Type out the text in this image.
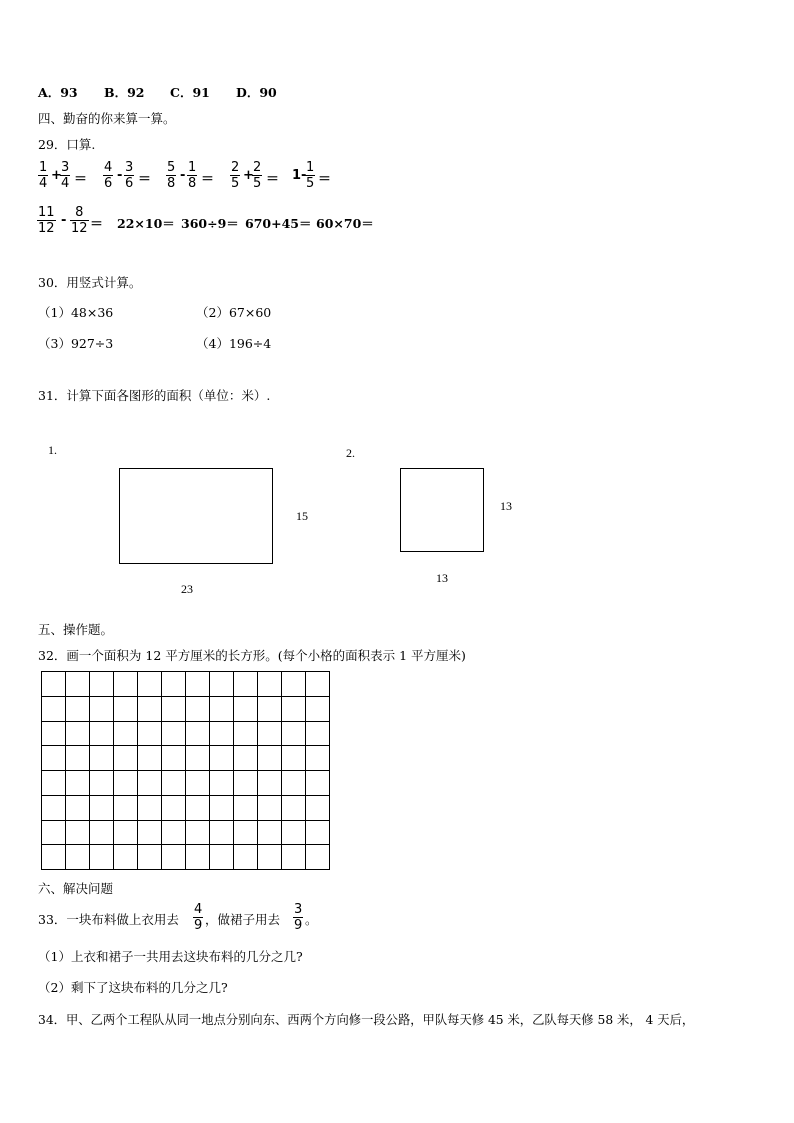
A．93 B．92 C．91 D．90
四、勤奋的你来算一算。
29．口算.
$\frac{1}{4}$ +
$\frac{3}{4} = \frac{4}{6} - \frac{3}{6} = \frac{5}{8} - \frac{1}{8} = \frac{2}{5}$ +
$\frac{2}{5} = 1-$
$\frac{1}{5}$ ＝
$\frac{11}{12} - \frac{8}{12} = 22\times 10= 360\div 9= 670+45= 60\times 70=$
30．用竖式计算。
（1）48×36	（2）67×60
（3）927÷3	（4）196÷4
31．计算下面各图形的面积（单位：米）.
1.
15
23
2.
13
13
五、操作题。
32．画一个面积为 12 平方厘米的长方形。(每个小格的面积表示 1 平方厘米)
六、解决问题
33．一块布料做上衣用去 $\frac{4}{9}$ ，做裙子用去 $\frac{3}{9}$ 。
（1）上衣和裙子一共用去这块布料的几分之几?
（2）剩下了这块布料的几分之几?
34．甲、乙两个工程队从同一地点分别向东、西两个方向修一段公路，甲队每天修 45 米，乙队每天修 58 米， 4 天后，
